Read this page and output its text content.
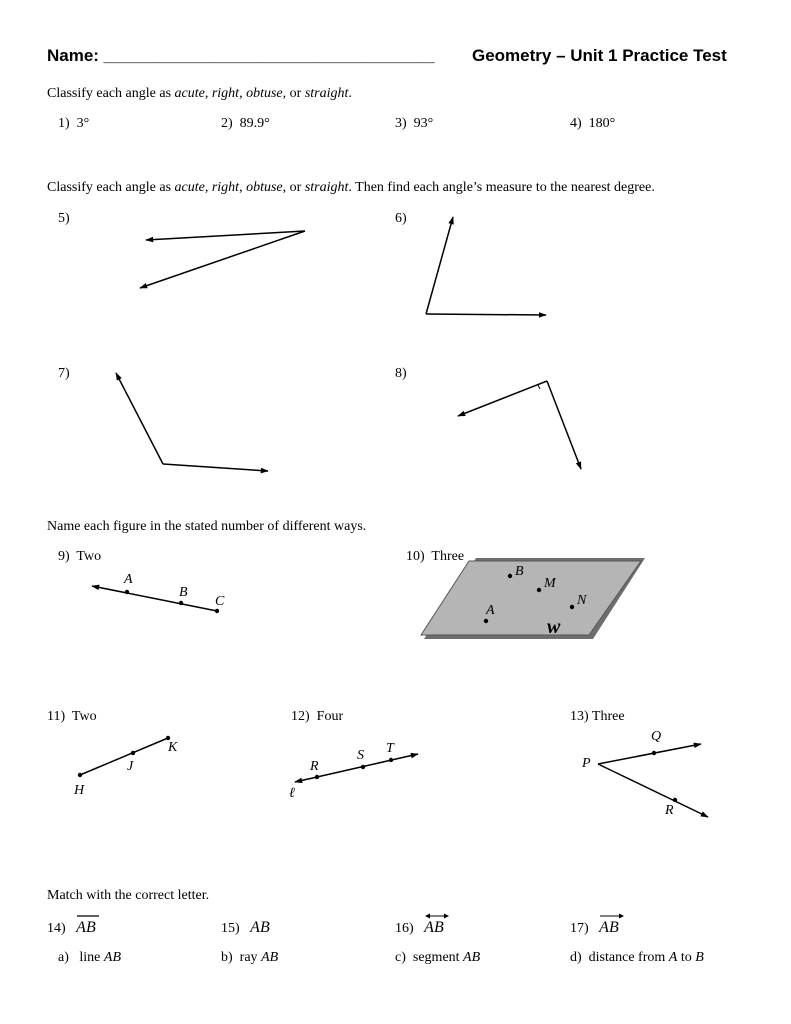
Name: ___________________________________ Geometry – Unit 1 Practice Test
Classify each angle as acute, right, obtuse, or straight.
1) 3°	2) 89.9°	3) 93°	4) 180°
Classify each angle as acute, right, obtuse, or straight. Then find each angle’s measure to the nearest degree.
5)	6)
7)	8)
Name each figure in the stated number of different ways.
9) Two
A
B
C
10) Three
B
M
N
A
w
11) Two
K
J
H
12) Four
S T
R
ℓ
13) Three
Q
P
R
Match with the correct letter.
14) AB	15) AB	16) AB	17) AB
a) line AB	b) ray AB	c) segment AB	d) distance from A to B
